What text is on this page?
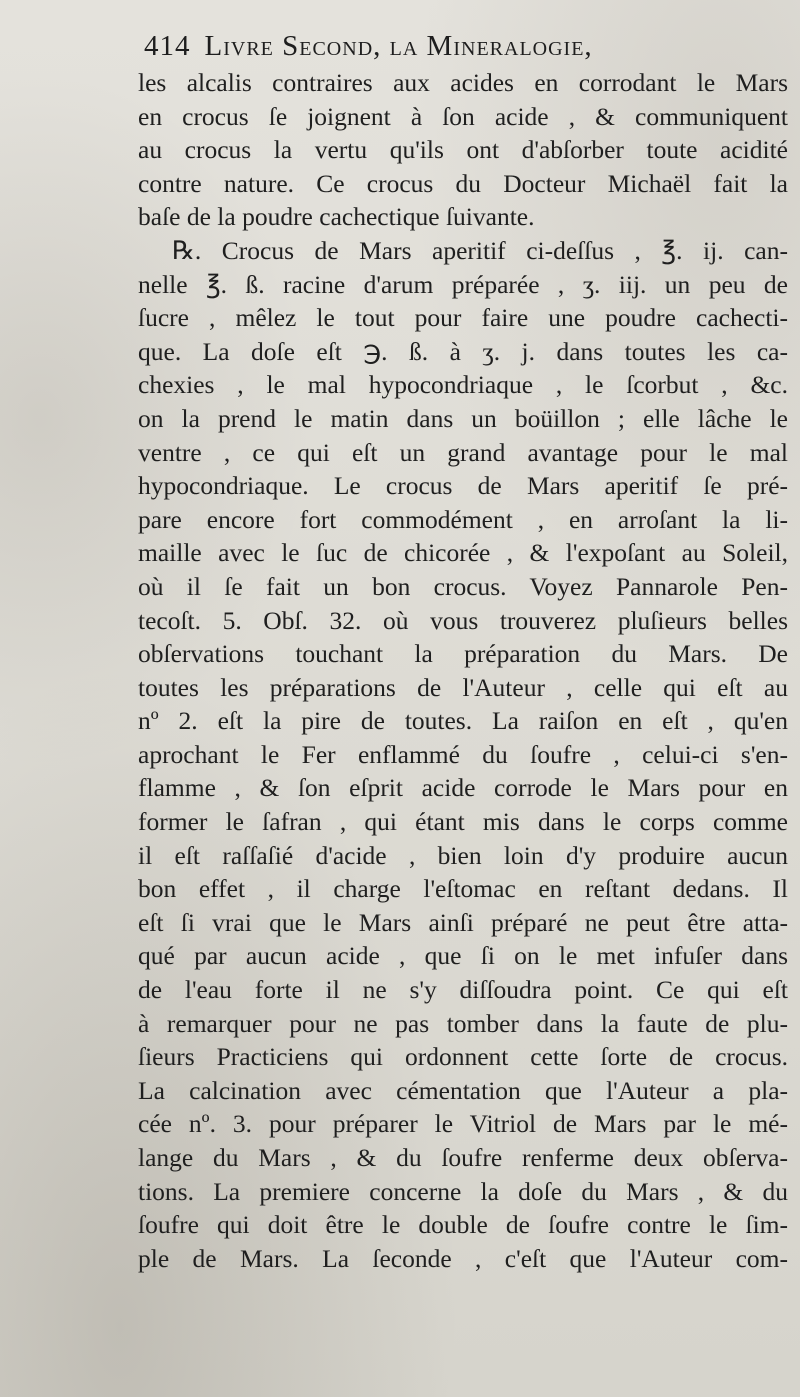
414 Livre Second, la Mineralogie,
les alcalis contraires aux acides en corrodant le Mars
en crocus ſe joignent à ſon acide , & communiquent
au crocus la vertu qu'ils ont d'abſorber toute acidité
contre nature. Ce crocus du Docteur Michaël fait la
baſe de la poudre cachectique ſuivante.
℞. Crocus de Mars aperitif ci-deſſus , ℥. ij. can-
nelle ℥. ß. racine d'arum préparée , ʒ. iij. un peu de
ſucre , mêlez le tout pour faire une poudre cachecti-
que. La doſe eſt ℈. ß. à ʒ. j. dans toutes les ca-
chexies , le mal hypocondriaque , le ſcorbut , &c.
on la prend le matin dans un boüillon ; elle lâche le
ventre , ce qui eſt un grand avantage pour le mal
hypocondriaque. Le crocus de Mars aperitif ſe pré-
pare encore fort commodément , en arroſant la li-
maille avec le ſuc de chicorée , & l'expoſant au Soleil,
où il ſe fait un bon crocus. Voyez Pannarole Pen-
tecoſt. 5. Obſ. 32. où vous trouverez pluſieurs belles
obſervations touchant la préparation du Mars. De
toutes les préparations de l'Auteur , celle qui eſt au
nº 2. eſt la pire de toutes. La raiſon en eſt , qu'en
aprochant le Fer enflammé du ſoufre , celui-ci s'en-
flamme , & ſon eſprit acide corrode le Mars pour en
former le ſafran , qui étant mis dans le corps comme
il eſt raſſaſié d'acide , bien loin d'y produire aucun
bon effet , il charge l'eſtomac en reſtant dedans. Il
eſt ſi vrai que le Mars ainſi préparé ne peut être atta-
qué par aucun acide , que ſi on le met infuſer dans
de l'eau forte il ne s'y diſſoudra point. Ce qui eſt
à remarquer pour ne pas tomber dans la faute de plu-
ſieurs Practiciens qui ordonnent cette ſorte de crocus.
La calcination avec cémentation que l'Auteur a pla-
cée nº. 3. pour préparer le Vitriol de Mars par le mé-
lange du Mars , & du ſoufre renferme deux obſerva-
tions. La premiere concerne la doſe du Mars , & du
ſoufre qui doit être le double de ſoufre contre le ſim-
ple de Mars. La ſeconde , c'eſt que l'Auteur com-
